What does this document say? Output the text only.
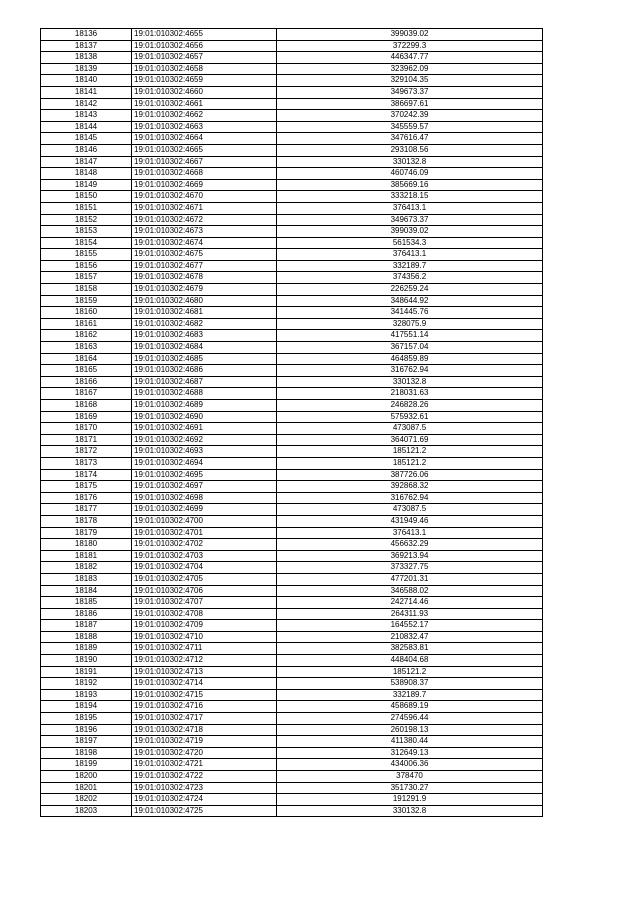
18136	19:01:010302:4655	399039.02
18137	19:01:010302:4656	372299.3
18138	19:01:010302:4657	446347.77
18139	19:01:010302:4658	323962.09
18140	19:01:010302:4659	329104.35
18141	19:01:010302:4660	349673.37
18142	19:01:010302:4661	386697.61
18143	19:01:010302:4662	370242.39
18144	19:01:010302:4663	345559.57
18145	19:01:010302:4664	347616.47
18146	19:01:010302:4665	293108.56
18147	19:01:010302:4667	330132.8
18148	19:01:010302:4668	460746.09
18149	19:01:010302:4669	385669.16
18150	19:01:010302:4670	333218.15
18151	19:01:010302:4671	376413.1
18152	19:01:010302:4672	349673.37
18153	19:01:010302:4673	399039.02
18154	19:01:010302:4674	561534.3
18155	19:01:010302:4675	376413.1
18156	19:01:010302:4677	332189.7
18157	19:01:010302:4678	374356.2
18158	19:01:010302:4679	226259.24
18159	19:01:010302:4680	348644.92
18160	19:01:010302:4681	341445.76
18161	19:01:010302:4682	328075.9
18162	19:01:010302:4683	417551.14
18163	19:01:010302:4684	367157.04
18164	19:01:010302:4685	464859.89
18165	19:01:010302:4686	316762.94
18166	19:01:010302:4687	330132.8
18167	19:01:010302:4688	218031.63
18168	19:01:010302:4689	246828.26
18169	19:01:010302:4690	575932.61
18170	19:01:010302:4691	473087.5
18171	19:01:010302:4692	364071.69
18172	19:01:010302:4693	185121.2
18173	19:01:010302:4694	185121.2
18174	19:01:010302:4695	387726.06
18175	19:01:010302:4697	392868.32
18176	19:01:010302:4698	316762.94
18177	19:01:010302:4699	473087.5
18178	19:01:010302:4700	431949.46
18179	19:01:010302:4701	376413.1
18180	19:01:010302:4702	456632.29
18181	19:01:010302:4703	369213.94
18182	19:01:010302:4704	373327.75
18183	19:01:010302:4705	477201.31
18184	19:01:010302:4706	346588.02
18185	19:01:010302:4707	242714.46
18186	19:01:010302:4708	264311.93
18187	19:01:010302:4709	164552.17
18188	19:01:010302:4710	210832.47
18189	19:01:010302:4711	382583.81
18190	19:01:010302:4712	448404.68
18191	19:01:010302:4713	185121.2
18192	19:01:010302:4714	538908.37
18193	19:01:010302:4715	332189.7
18194	19:01:010302:4716	458689.19
18195	19:01:010302:4717	274596.44
18196	19:01:010302:4718	260198.13
18197	19:01:010302:4719	411380.44
18198	19:01:010302:4720	312649.13
18199	19:01:010302:4721	434006.36
18200	19:01:010302:4722	378470
18201	19:01:010302:4723	351730.27
18202	19:01:010302:4724	191291.9
18203	19:01:010302:4725	330132.8
